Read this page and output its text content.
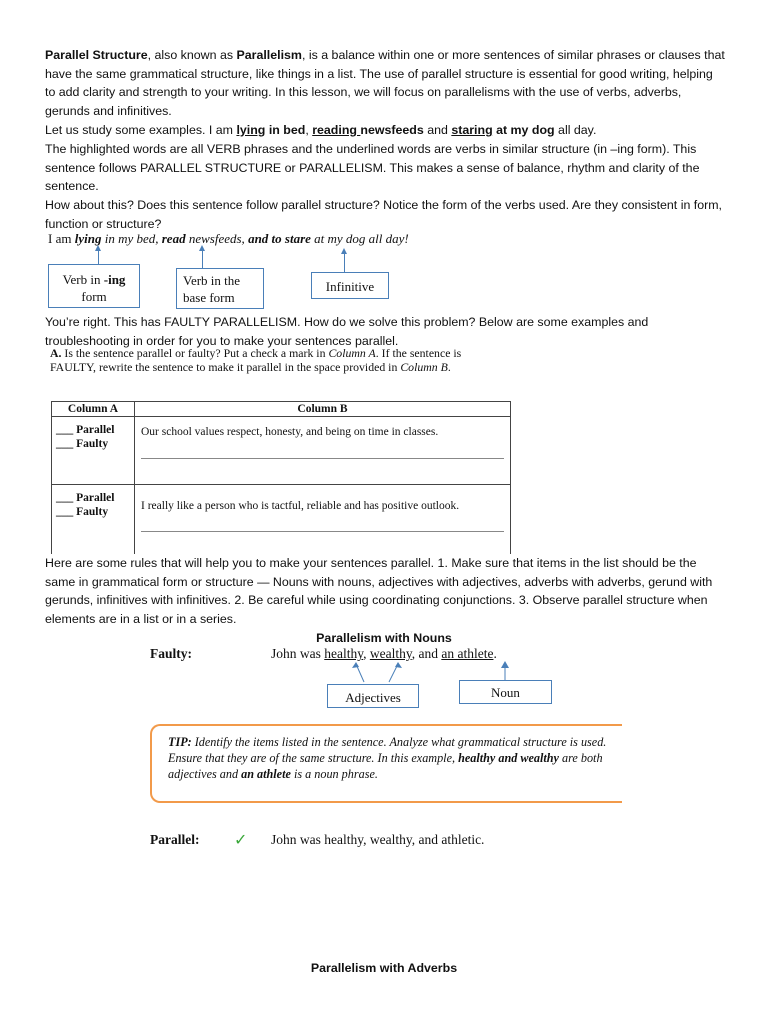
Parallel Structure, also known as Parallelism, is a balance within one or more sentences of similar phrases or clauses that have the same grammatical structure, like things in a list. The use of parallel structure is essential for good writing, helping to add clarity and strength to your writing. In this lesson, we will focus on parallelisms with the use of verbs, adverbs, gerunds and infinitives.
Let us study some examples. I am lying in bed, reading newsfeeds and staring at my dog all day.
The highlighted words are all VERB phrases and the underlined words are verbs in similar structure (in –ing form). This sentence follows PARALLEL STRUCTURE or PARALLELISM. This makes a sense of balance, rhythm and clarity of the sentence.
How about this? Does this sentence follow parallel structure? Notice the form of the verbs used. Are they consistent in form, function or structure?
I am lying in my bed, read newsfeeds, and to stare at my dog all day!
Verb in -ing
form
Verb in the base form
Infinitive
You’re right. This has FAULTY PARALLELISM. How do we solve this problem? Below are some examples and troubleshooting in order for you to make your sentences parallel.
A. Is the sentence parallel or faulty? Put a check a mark in Column A. If the sentence is FAULTY, rewrite the sentence to make it parallel in the space provided in Column B.
Column A	Column B

___ Parallel
___ Faulty	Our school values respect, honesty, and being on time in classes.

___ Parallel
___ Faulty	I really like a person who is tactful, reliable and has positive outlook.
Here are some rules that will help you to make your sentences parallel. 1. Make sure that items in the list should be the same in grammatical form or structure — Nouns with nouns, adjectives with adjectives, adverbs with adverbs, gerund with gerunds, infinitives with infinitives. 2. Be careful while using coordinating conjunctions. 3. Observe parallel structure when elements are in a list or in a series.
Parallelism with Nouns
Faulty:	John was healthy, wealthy, and an athlete.
Adjectives	Noun
TIP: Identify the items listed in the sentence. Analyze what grammatical structure is used. Ensure that they are of the same structure. In this example, healthy and wealthy are both adjectives and an athlete is a noun phrase.
Parallel: ✓ John was healthy, wealthy, and athletic.
Parallelism with Adverbs
